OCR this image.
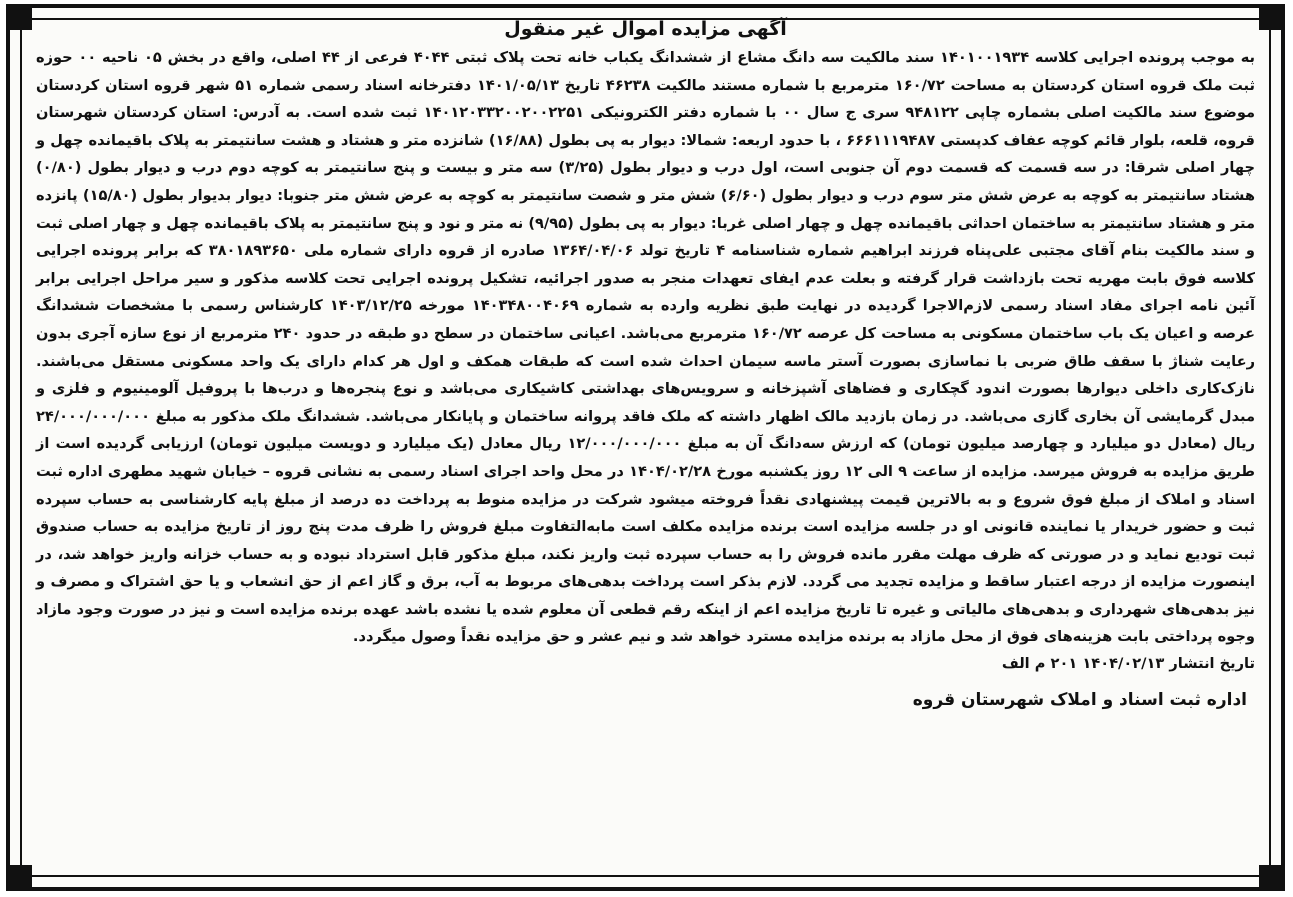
آگهی مزایده اموال غیر منقول

به موجب پرونده اجرایی کلاسه ۱۴۰۱۰۰۱۹۳۴ سند مالکیت سه دانگ مشاع از ششدانگ یکباب خانه تحت پلاک ثبتی ۴۰۴۴ فرعی از ۴۴ اصلی، واقع در بخش ۰۵ ناحیه ۰۰ حوزه ثبت ملک قروه استان کردستان به مساحت ۱۶۰/۷۲ مترمربع با شماره مستند مالکیت ۴۶۲۳۸ تاریخ ۱۴۰۱/۰۵/۱۳ دفترخانه اسناد رسمی شماره ۵۱ شهر قروه استان کردستان موضوع سند مالکیت اصلی بشماره چاپی ۹۴۸۱۲۲ سری ج سال ۰۰ با شماره دفتر الکترونیکی ۱۴۰۱۲۰۳۳۲۰۰۲۰۰۲۲۵۱ ثبت شده است. به آدرس: استان کردستان شهرستان قروه، قلعه، بلوار قائم کوچه عفاف کدپستی ۶۶۶۱۱۱۹۴۸۷ ، با حدود اربعه: شمالا: دیوار به پی بطول (۱۶/۸۸) شانزده متر و هشتاد و هشت سانتیمتر به پلاک باقیمانده چهل و چهار اصلی شرقا: در سه قسمت که قسمت دوم آن جنوبی است، اول درب و دیوار بطول (۳/۲۵) سه متر و بیست و پنج سانتیمتر به کوچه دوم درب و دیوار بطول (۰/۸۰) هشتاد سانتیمتر به کوچه به عرض شش متر سوم درب و دیوار بطول (۶/۶۰) شش متر و شصت سانتیمتر به کوچه به عرض شش متر جنوبا: دیوار بدیوار بطول (۱۵/۸۰) پانزده متر و هشتاد سانتیمتر به ساختمان احداثی باقیمانده چهل و چهار اصلی غربا: دیوار به پی بطول (۹/۹۵) نه متر و نود و پنج سانتیمتر به پلاک باقیمانده چهل و چهار اصلی ثبت و سند مالکیت بنام آقای مجتبی علی‌پناه فرزند ابراهیم شماره شناسنامه ۴ تاریخ تولد ۱۳۶۴/۰۴/۰۶ صادره از قروه دارای شماره ملی ۳۸۰۱۸۹۳۶۵۰ که برابر پرونده اجرایی کلاسه فوق بابت مهریه تحت بازداشت قرار گرفته و بعلت عدم ایفای تعهدات منجر به صدور اجرائیه، تشکیل پرونده اجرایی تحت کلاسه مذکور و سیر مراحل اجرایی برابر آئین نامه اجرای مفاد اسناد رسمی لازم‌الاجرا گردیده در نهایت طبق نظریه وارده به شماره ۱۴۰۳۴۸۰۰۴۰۶۹ مورخه ۱۴۰۳/۱۲/۲۵ کارشناس رسمی با مشخصات ششدانگ عرصه و اعیان یک باب ساختمان مسکونی به مساحت کل عرصه ۱۶۰/۷۲ مترمربع می‌باشد. اعیانی ساختمان در سطح دو طبقه در حدود ۲۴۰ مترمربع از نوع سازه آجری بدون رعایت شناژ با سقف طاق ضربی با نماسازی بصورت آستر ماسه سیمان احداث شده است که طبقات همکف و اول هر کدام دارای یک واحد مسکونی مستقل می‌باشند. نازک‌کاری داخلی دیوارها بصورت اندود گچکاری و فضاهای آشپزخانه و سرویس‌های بهداشتی کاشیکاری می‌باشد و نوع پنجره‌ها و درب‌ها با پروفیل آلومینیوم و فلزی و مبدل گرمایشی آن بخاری گازی می‌باشد. در زمان بازدید مالک اظهار داشته که ملک فاقد پروانه ساختمان و پایانکار می‌باشد. ششدانگ ملک مذکور به مبلغ ۲۴/۰۰۰/۰۰۰/۰۰۰ ریال (معادل دو میلیارد و چهارصد میلیون تومان) که ارزش سه‌دانگ آن به مبلغ ۱۲/۰۰۰/۰۰۰/۰۰۰ ریال معادل (یک میلیارد و دویست میلیون تومان) ارزیابی گردیده است از طریق مزایده به فروش میرسد. مزایده از ساعت ۹ الی ۱۲ روز یکشنبه مورخ ۱۴۰۴/۰۲/۲۸ در محل واحد اجرای اسناد رسمی به نشانی قروه – خیابان شهید مطهری اداره ثبت اسناد و املاک از مبلغ فوق شروع و به بالاترین قیمت پیشنهادی نقداً فروخته میشود شرکت در مزایده منوط به پرداخت ده درصد از مبلغ پایه کارشناسی به حساب سپرده ثبت و حضور خریدار یا نماینده قانونی او در جلسه مزایده است برنده مزایده مکلف است مابه‌التفاوت مبلغ فروش را ظرف مدت پنج روز از تاریخ مزایده به حساب صندوق ثبت تودیع نماید و در صورتی که ظرف مهلت مقرر مانده فروش را به حساب سپرده ثبت واریز نکند، مبلغ مذکور قابل استرداد نبوده و به حساب خزانه واریز خواهد شد، در اینصورت مزایده از درجه اعتبار ساقط و مزایده تجدید می گردد. لازم بذکر است پرداخت بدهی‌های مربوط به آب، برق و گاز اعم از حق انشعاب و یا حق اشتراک و مصرف و نیز بدهی‌های شهرداری و بدهی‌های مالیاتی و غیره تا تاریخ مزایده اعم از اینکه رقم قطعی آن معلوم شده یا نشده باشد عهده برنده مزایده است و نیز در صورت وجود مازاد وجوه پرداختی بابت هزینه‌های فوق از محل مازاد به برنده مزایده مسترد خواهد شد و نیم عشر و حق مزایده نقداً وصول میگردد.

تاریخ انتشار ۱۴۰۴/۰۲/۱۳ ۲۰۱ م الف

اداره ثبت اسناد و املاک شهرستان قروه
